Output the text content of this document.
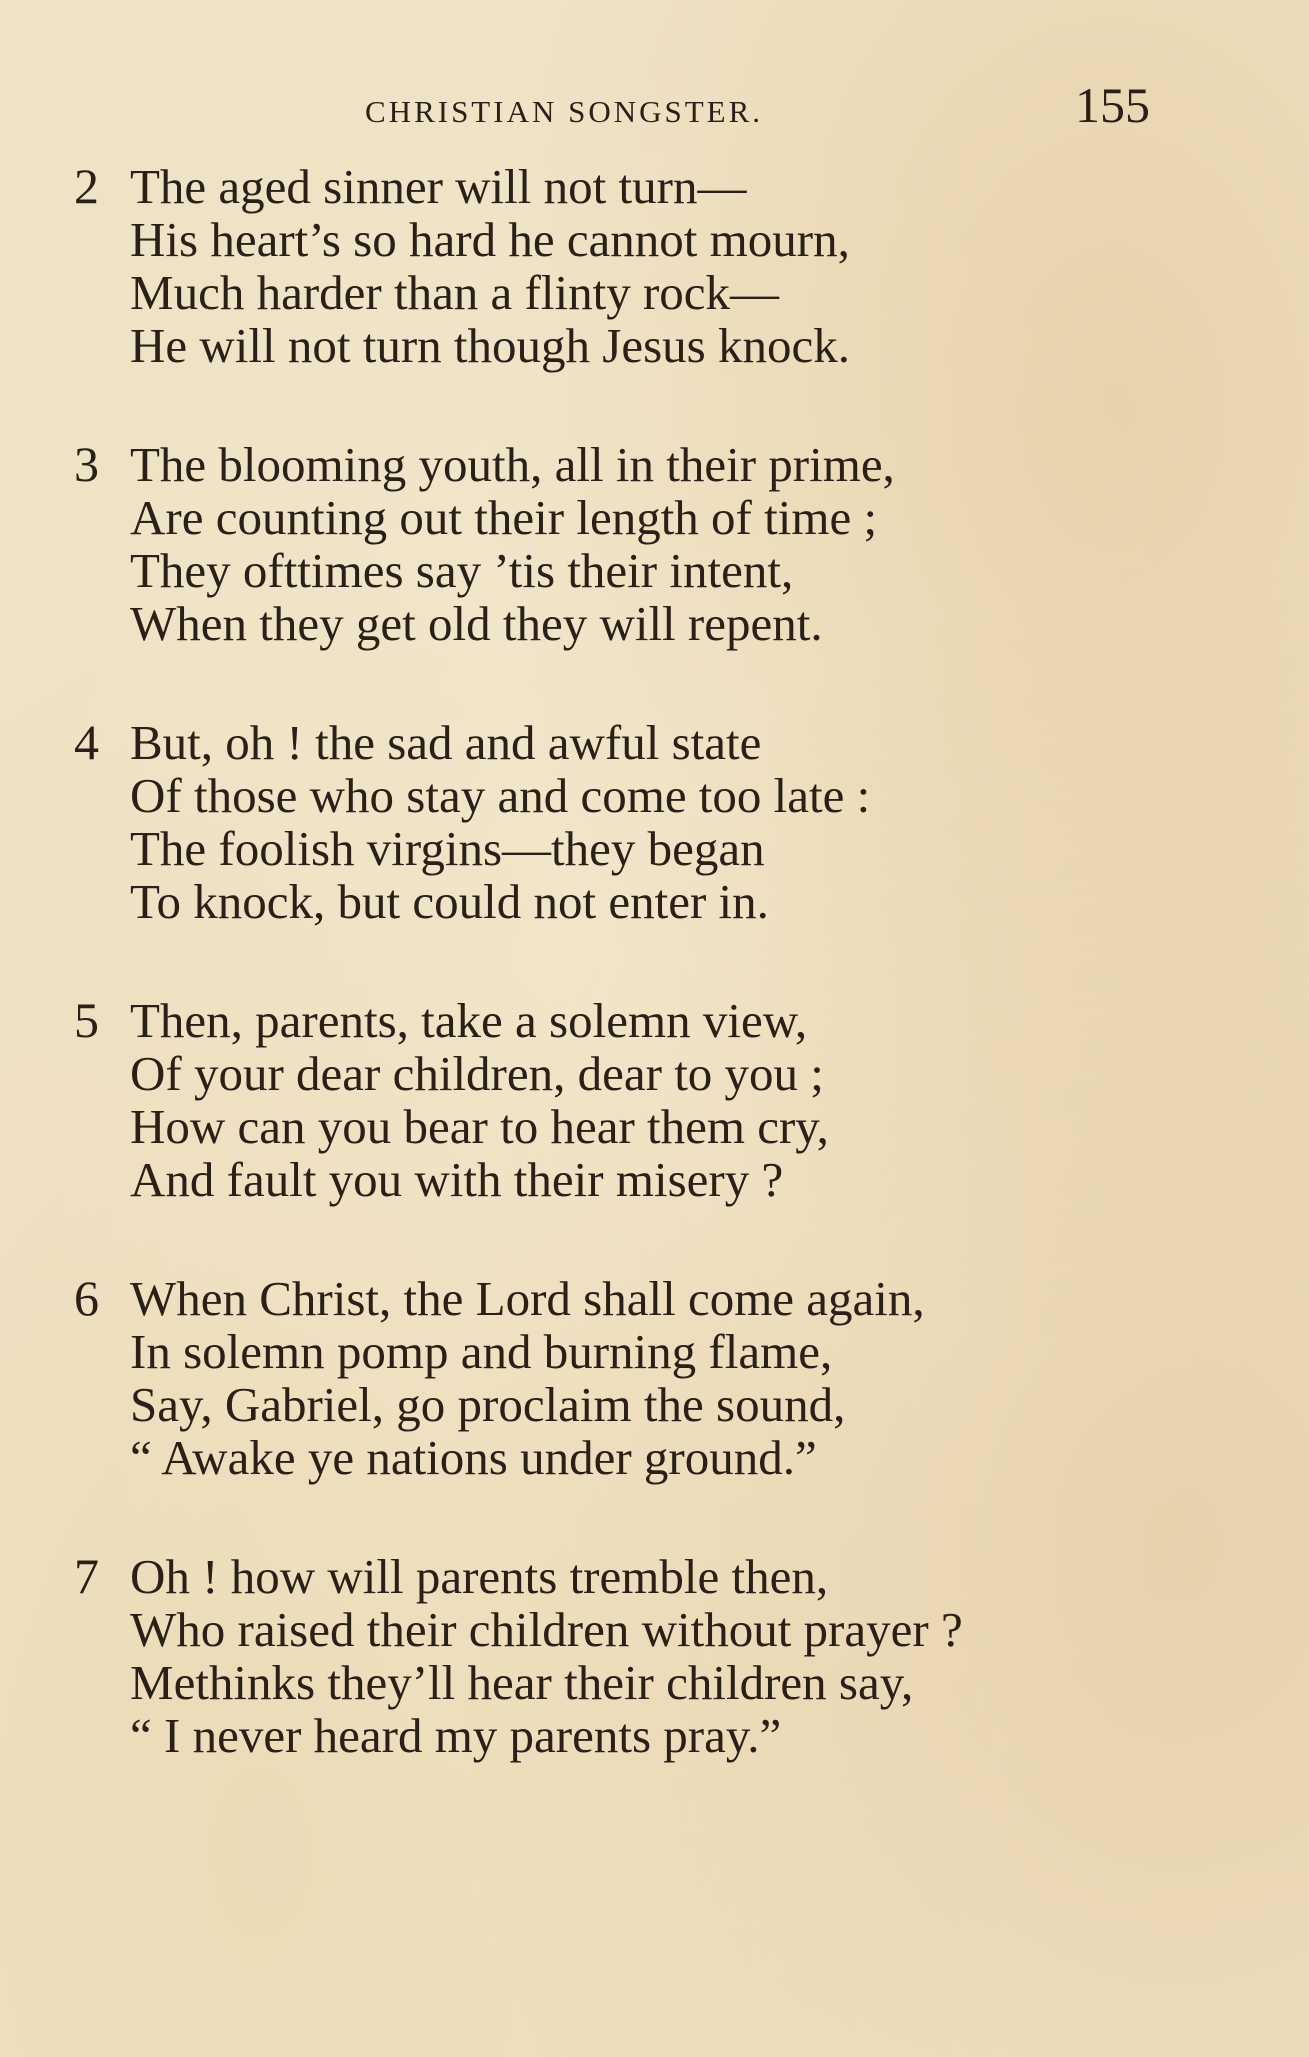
CHRISTIAN SONGSTER.	155
2 The aged sinner will not turn—
His heart’s so hard he cannot mourn,
Much harder than a flinty rock—
He will not turn though Jesus knock.
3 The blooming youth, all in their prime,
Are counting out their length of time ;
They ofttimes say ’tis their intent,
When they get old they will repent.
4 But, oh ! the sad and awful state
Of those who stay and come too late :
The foolish virgins—they began
To knock, but could not enter in.
5 Then, parents, take a solemn view,
Of your dear children, dear to you ;
How can you bear to hear them cry,
And fault you with their misery ?
6 When Christ, the Lord shall come again,
In solemn pomp and burning flame,
Say, Gabriel, go proclaim the sound,
“ Awake ye nations under ground.”
7 Oh ! how will parents tremble then,
Who raised their children without prayer ?
Methinks they’ll hear their children say,
“ I never heard my parents pray.”
